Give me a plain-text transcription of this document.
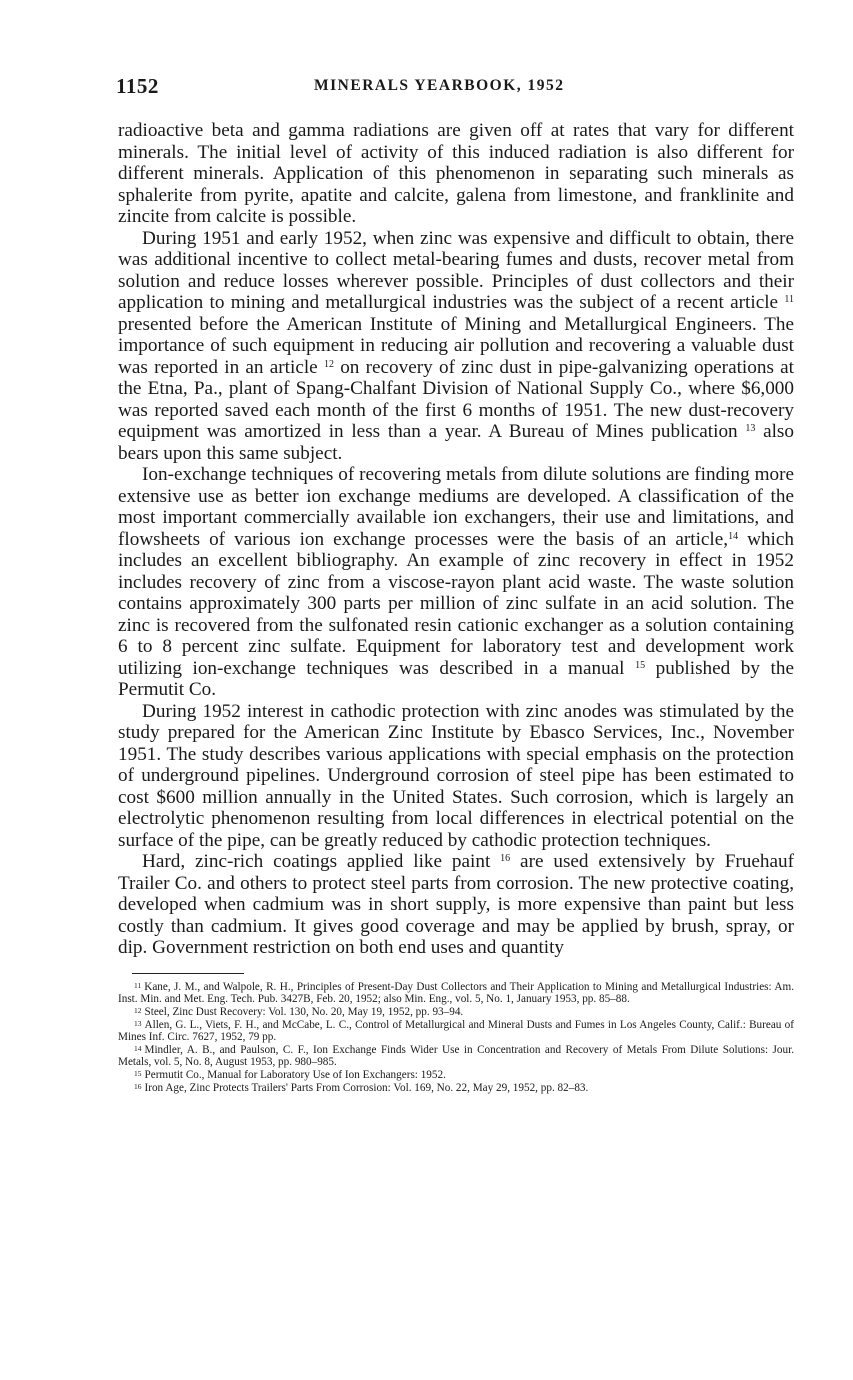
1152	MINERALS YEARBOOK, 1952

radioactive beta and gamma radiations are given off at rates that vary for different minerals. The initial level of activity of this induced radiation is also different for different minerals. Application of this phenomenon in separating such minerals as sphalerite from pyrite, apatite and calcite, galena from limestone, and franklinite and zincite from calcite is possible.

During 1951 and early 1952, when zinc was expensive and difficult to obtain, there was additional incentive to collect metal-bearing fumes and dusts, recover metal from solution and reduce losses wherever possible. Principles of dust collectors and their application to mining and metallurgical industries was the subject of a recent article $^{11}$ presented before the American Institute of Mining and Metallurgical Engineers. The importance of such equipment in reducing air pollution and recovering a valuable dust was reported in an article $^{12}$ on recovery of zinc dust in pipe-galvanizing operations at the Etna, Pa., plant of Spang-Chalfant Division of National Supply Co., where $6,000 was reported saved each month of the first 6 months of 1951. The new dust-recovery equipment was amortized in less than a year. A Bureau of Mines publication $^{13}$ also bears upon this same subject.

Ion-exchange techniques of recovering metals from dilute solutions are finding more extensive use as better ion exchange mediums are developed. A classification of the most important commercially available ion exchangers, their use and limitations, and flowsheets of various ion exchange processes were the basis of an article,$^{14}$ which includes an excellent bibliography. An example of zinc recovery in effect in 1952 includes recovery of zinc from a viscose-rayon plant acid waste. The waste solution contains approximately 300 parts per million of zinc sulfate in an acid solution. The zinc is recovered from the sulfonated resin cationic exchanger as a solution containing 6 to 8 percent zinc sulfate. Equipment for laboratory test and development work utilizing ion-exchange techniques was described in a manual $^{15}$ published by the Permutit Co.

During 1952 interest in cathodic protection with zinc anodes was stimulated by the study prepared for the American Zinc Institute by Ebasco Services, Inc., November 1951. The study describes various applications with special emphasis on the protection of underground pipelines. Underground corrosion of steel pipe has been estimated to cost $600 million annually in the United States. Such corrosion, which is largely an electrolytic phenomenon resulting from local differences in electrical potential on the surface of the pipe, can be greatly reduced by cathodic protection techniques.

Hard, zinc-rich coatings applied like paint $^{16}$ are used extensively by Fruehauf Trailer Co. and others to protect steel parts from corrosion. The new protective coating, developed when cadmium was in short supply, is more expensive than paint but less costly than cadmium. It gives good coverage and may be applied by brush, spray, or dip. Government restriction on both end uses and quantity

11 Kane, J. M., and Walpole, R. H., Principles of Present-Day Dust Collectors and Their Application to Mining and Metallurgical Industries: Am. Inst. Min. and Met. Eng. Tech. Pub. 3427B, Feb. 20, 1952; also Min. Eng., vol. 5, No. 1, January 1953, pp. 85–88.

12 Steel, Zinc Dust Recovery: Vol. 130, No. 20, May 19, 1952, pp. 93–94.

13 Allen, G. L., Viets, F. H., and McCabe, L. C., Control of Metallurgical and Mineral Dusts and Fumes in Los Angeles County, Calif.: Bureau of Mines Inf. Circ. 7627, 1952, 79 pp.

14 Mindler, A. B., and Paulson, C. F., Ion Exchange Finds Wider Use in Concentration and Recovery of Metals From Dilute Solutions: Jour. Metals, vol. 5, No. 8, August 1953, pp. 980–985.

15 Permutit Co., Manual for Laboratory Use of Ion Exchangers: 1952.

16 Iron Age, Zinc Protects Trailers' Parts From Corrosion: Vol. 169, No. 22, May 29, 1952, pp. 82–83.
